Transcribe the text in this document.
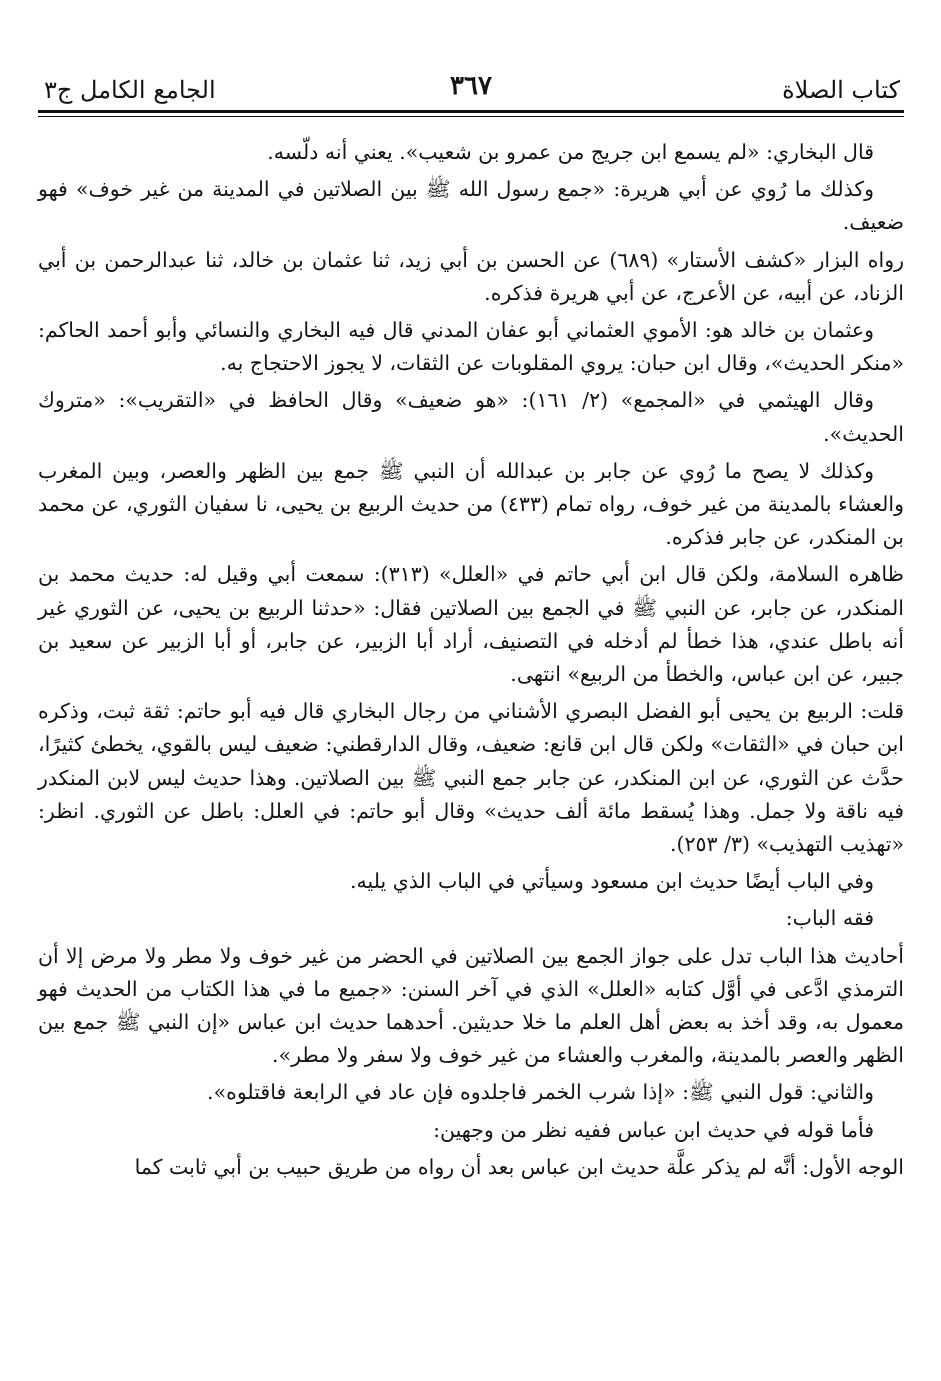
كتاب الصلاة
٣٦٧
الجامع الكامل ج٣

قال البخاري: «لم يسمع ابن جريج من عمرو بن شعيب». يعني أنه دلّسه.

وكذلك ما رُوي عن أبي هريرة: «جمع رسول الله ﷺ بين الصلاتين في المدينة من غير خوف» فهو ضعيف.

رواه البزار «كشف الأستار» (٦٨٩) عن الحسن بن أبي زيد، ثنا عثمان بن خالد، ثنا عبدالرحمن بن أبي الزناد، عن أبيه، عن الأعرج، عن أبي هريرة فذكره.

وعثمان بن خالد هو: الأموي العثماني أبو عفان المدني قال فيه البخاري والنسائي وأبو أحمد الحاكم: «منكر الحديث»، وقال ابن حبان: يروي المقلوبات عن الثقات، لا يجوز الاحتجاج به.

وقال الهيثمي في «المجمع» (٢/ ١٦١): «هو ضعيف» وقال الحافظ في «التقريب»: «متروك الحديث».

وكذلك لا يصح ما رُوي عن جابر بن عبدالله أن النبي ﷺ جمع بين الظهر والعصر، وبين المغرب والعشاء بالمدينة من غير خوف، رواه تمام (٤٣٣) من حديث الربيع بن يحيى، نا سفيان الثوري، عن محمد بن المنكدر، عن جابر فذكره.

ظاهره السلامة، ولكن قال ابن أبي حاتم في «العلل» (٣١٣): سمعت أبي وقيل له: حديث محمد بن المنكدر، عن جابر، عن النبي ﷺ في الجمع بين الصلاتين فقال: «حدثنا الربيع بن يحيى، عن الثوري غير أنه باطل عندي، هذا خطأ لم أدخله في التصنيف، أراد أبا الزبير، عن جابر، أو أبا الزبير عن سعيد بن جبير، عن ابن عباس، والخطأ من الربيع» انتهى.

قلت: الربيع بن يحيى أبو الفضل البصري الأشناني من رجال البخاري قال فيه أبو حاتم: ثقة ثبت، وذكره ابن حبان في «الثقات» ولكن قال ابن قانع: ضعيف، وقال الدارقطني: ضعيف ليس بالقوي، يخطئ كثيرًا، حدَّث عن الثوري، عن ابن المنكدر، عن جابر جمع النبي ﷺ بين الصلاتين. وهذا حديث ليس لابن المنكدر فيه ناقة ولا جمل. وهذا يُسقط مائة ألف حديث» وقال أبو حاتم: في العلل: باطل عن الثوري. انظر: «تهذيب التهذيب» (٣/ ٢٥٣).

وفي الباب أيضًا حديث ابن مسعود وسيأتي في الباب الذي يليه.

فقه الباب:

أحاديث هذا الباب تدل على جواز الجمع بين الصلاتين في الحضر من غير خوف ولا مطر ولا مرض إلا أن الترمذي ادَّعى في أوَّل كتابه «العلل» الذي في آخر السنن: «جميع ما في هذا الكتاب من الحديث فهو معمول به، وقد أخذ به بعض أهل العلم ما خلا حديثين. أحدهما حديث ابن عباس «إن النبي ﷺ جمع بين الظهر والعصر بالمدينة، والمغرب والعشاء من غير خوف ولا سفر ولا مطر».

والثاني: قول النبي ﷺ: «إذا شرب الخمر فاجلدوه فإن عاد في الرابعة فاقتلوه».

فأما قوله في حديث ابن عباس ففيه نظر من وجهين:

الوجه الأول: أنَّه لم يذكر علَّة حديث ابن عباس بعد أن رواه من طريق حبيب بن أبي ثابت كما
